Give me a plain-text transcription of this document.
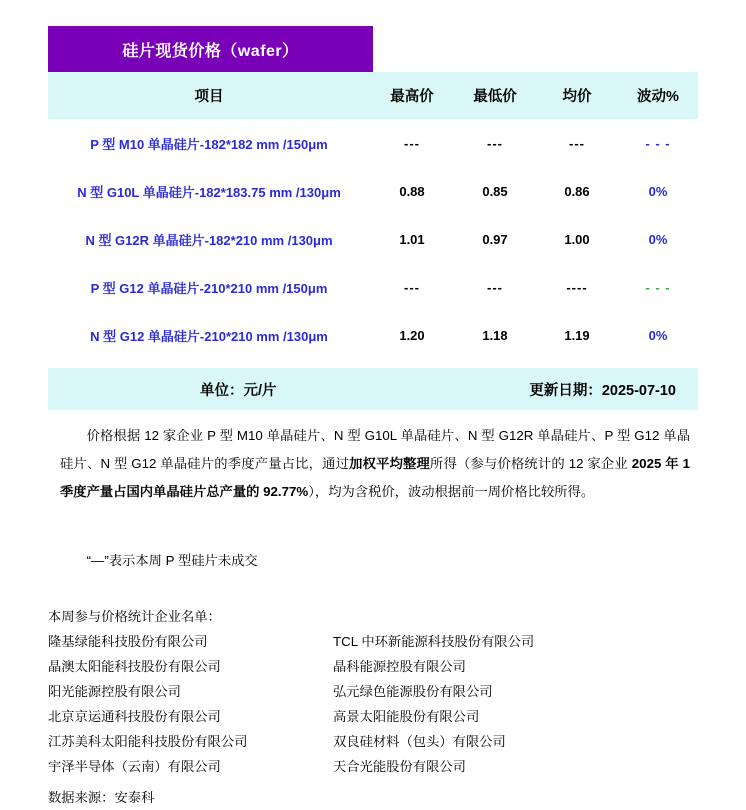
硅片现货价格（wafer）
项目	最高价	最低价	均价	波动%
P 型 M10 单晶硅片-182*182 mm /150μm	---	---	---	- - -
N 型 G10L 单晶硅片-182*183.75 mm /130μm	0.88	0.85	0.86	0%
N 型 G12R 单晶硅片-182*210 mm /130μm	1.01	0.97	1.00	0%
P 型 G12 单晶硅片-210*210 mm /150μm	---	---	----	- - -
N 型 G12 单晶硅片-210*210 mm /130μm	1.20	1.18	1.19	0%
单位：元/片	更新日期：2025-07-10

价格根据 12 家企业 P 型 M10 单晶硅片、N 型 G10L 单晶硅片、N 型 G12R 单晶硅片、P 型 G12 单晶硅片、N 型 G12 单晶硅片的季度产量占比，通过加权平均整理所得（参与价格统计的 12 家企业 2025 年 1 季度产量占国内单晶硅片总产量的 92.77%），均为含税价，波动根据前一周价格比较所得。

“—”表示本周 P 型硅片未成交
本周参与价格统计企业名单：
隆基绿能科技股份有限公司	TCL 中环新能源科技股份有限公司
晶澳太阳能科技股份有限公司	晶科能源控股有限公司
阳光能源控股有限公司	弘元绿色能源股份有限公司
北京京运通科技股份有限公司	高景太阳能股份有限公司
江苏美科太阳能科技股份有限公司	双良硅材料（包头）有限公司
宇泽半导体（云南）有限公司	天合光能股份有限公司
数据来源：安泰科
